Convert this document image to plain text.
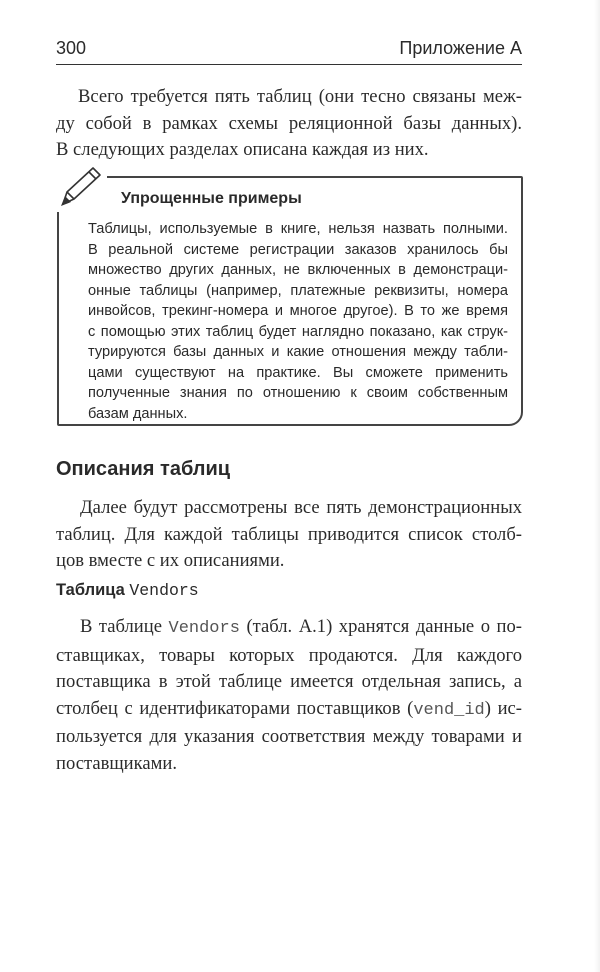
300	Приложение А
Всего требуется пять таблиц (они тесно связаны меж-
ду собой в рамках схемы реляционной базы данных).
В следующих разделах описана каждая из них.
Упрощенные примеры
Таблицы, используемые в книге, нельзя назвать полными.
В реальной системе регистрации заказов хранилось бы
множество других данных, не включенных в демонстраци-
онные таблицы (например, платежные реквизиты, номера
инвойсов, трекинг-номера и многое другое). В то же время
с помощью этих таблиц будет наглядно показано, как струк-
турируются базы данных и какие отношения между табли-
цами существуют на практике. Вы сможете применить
полученные знания по отношению к своим собственным
базам данных.
Описания таблиц
Далее будут рассмотрены все пять демонстрационных
таблиц. Для каждой таблицы приводится список столб-
цов вместе с их описаниями.
Таблица Vendors
В таблице Vendors (табл. А.1) хранятся данные о по-
ставщиках, товары которых продаются. Для каждого
поставщика в этой таблице имеется отдельная запись, а
столбец с идентификаторами поставщиков (vend_id) ис-
пользуется для указания соответствия между товарами и
поставщиками.
